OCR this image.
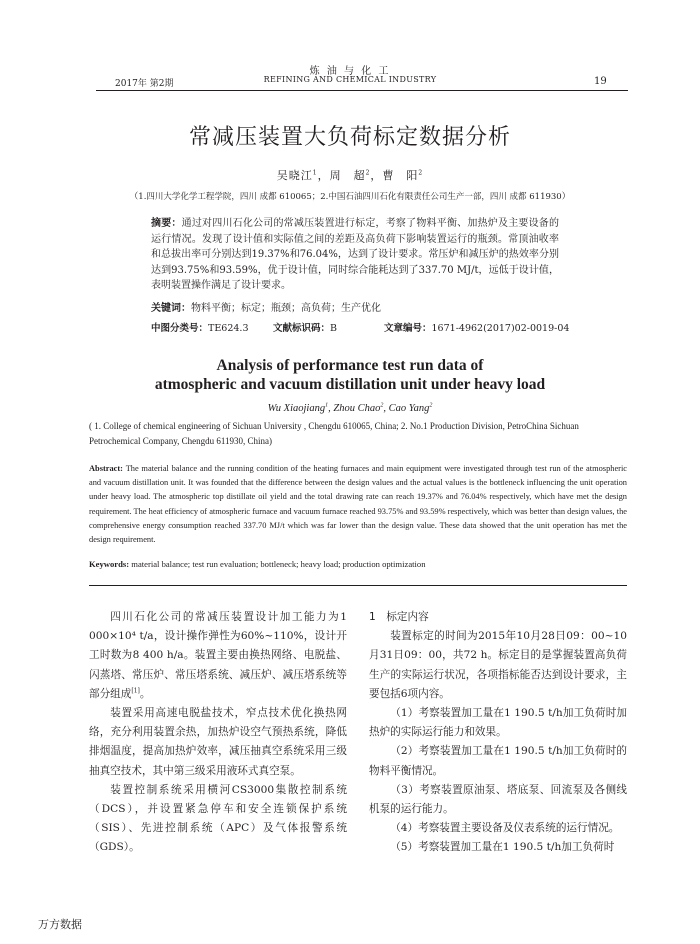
炼 油 与 化 工
REFINING AND CHEMICAL INDUSTRY
2017年 第2期	19
常减压装置大负荷标定数据分析
吴晓江$^1$，周　超$^2$，曹　阳$^2$
（1.四川大学化学工程学院，四川 成都 610065；2.中国石油四川石化有限责任公司生产一部，四川 成都 611930）
摘要：通过对四川石化公司的常减压装置进行标定，考察了物料平衡、加热炉及主要设备的运行情况。发现了设计值和实际值之间的差距及高负荷下影响装置运行的瓶颈。常顶油收率和总拔出率可分别达到19.37%和76.04%，达到了设计要求。常压炉和减压炉的热效率分别达到93.75%和93.59%，优于设计值，同时综合能耗达到了337.70 MJ/t，远低于设计值，表明装置操作满足了设计要求。
关键词：物料平衡；标定；瓶颈；高负荷；生产优化
中图分类号：TE624.3	文献标识码：B	文章编号：1671-4962(2017)02-0019-04
Analysis of performance test run data of
atmospheric and vacuum distillation unit under heavy load
Wu Xiaojiang$^1$, Zhou Chao$^2$, Cao Yang$^2$
( 1. College of chemical engineering of Sichuan University , Chengdu 610065, China; 2. No.1 Production Division, PetroChina Sichuan Petrochemical Company, Chengdu 611930, China)
Abstract: The material balance and the running condition of the heating furnaces and main equipment were investigated through test run of the atmospheric and vacuum distillation unit. It was founded that the difference between the design values and the actual values is the bottleneck influencing the unit operation under heavy load. The atmospheric top distillate oil yield and the total drawing rate can reach 19.37% and 76.04% respectively, which have met the design requirement. The heat efficiency of atmospheric furnace and vacuum furnace reached 93.75% and 93.59% respectively, which was better than design values, the comprehensive energy consumption reached 337.70 MJ/t which was far lower than the design value. These data showed that the unit operation has met the design requirement.
Keywords: material balance; test run evaluation; bottleneck; heavy load; production optimization

四川石化公司的常减压装置设计加工能力为1 000×10⁴ t/a，设计操作弹性为60%~110%，设计开工时数为8 400 h/a。装置主要由换热网络、电脱盐、闪蒸塔、常压炉、常压塔系统、减压炉、减压塔系统等部分组成[1]。

装置采用高速电脱盐技术，窄点技术优化换热网络，充分利用装置余热，加热炉设空气预热系统，降低排烟温度，提高加热炉效率，减压抽真空系统采用三级抽真空技术，其中第三级采用液环式真空泵。

装置控制系统采用横河CS3000集散控制系统（DCS），并设置紧急停车和安全连锁保护系统（SIS）、先进控制系统（APC）及气体报警系统（GDS）。

1　标定内容

装置标定的时间为2015年10月28日09：00~10月31日09：00，共72 h。标定目的是掌握装置高负荷生产的实际运行状况，各项指标能否达到设计要求，主要包括6项内容。

（1）考察装置加工量在1 190.5 t/h加工负荷时加热炉的实际运行能力和效果。

（2）考察装置加工量在1 190.5 t/h加工负荷时的物料平衡情况。

（3）考察装置原油泵、塔底泵、回流泵及各侧线机泵的运行能力。

（4）考察装置主要设备及仪表系统的运行情况。

（5）考察装置加工量在1 190.5 t/h加工负荷时

万方数据
